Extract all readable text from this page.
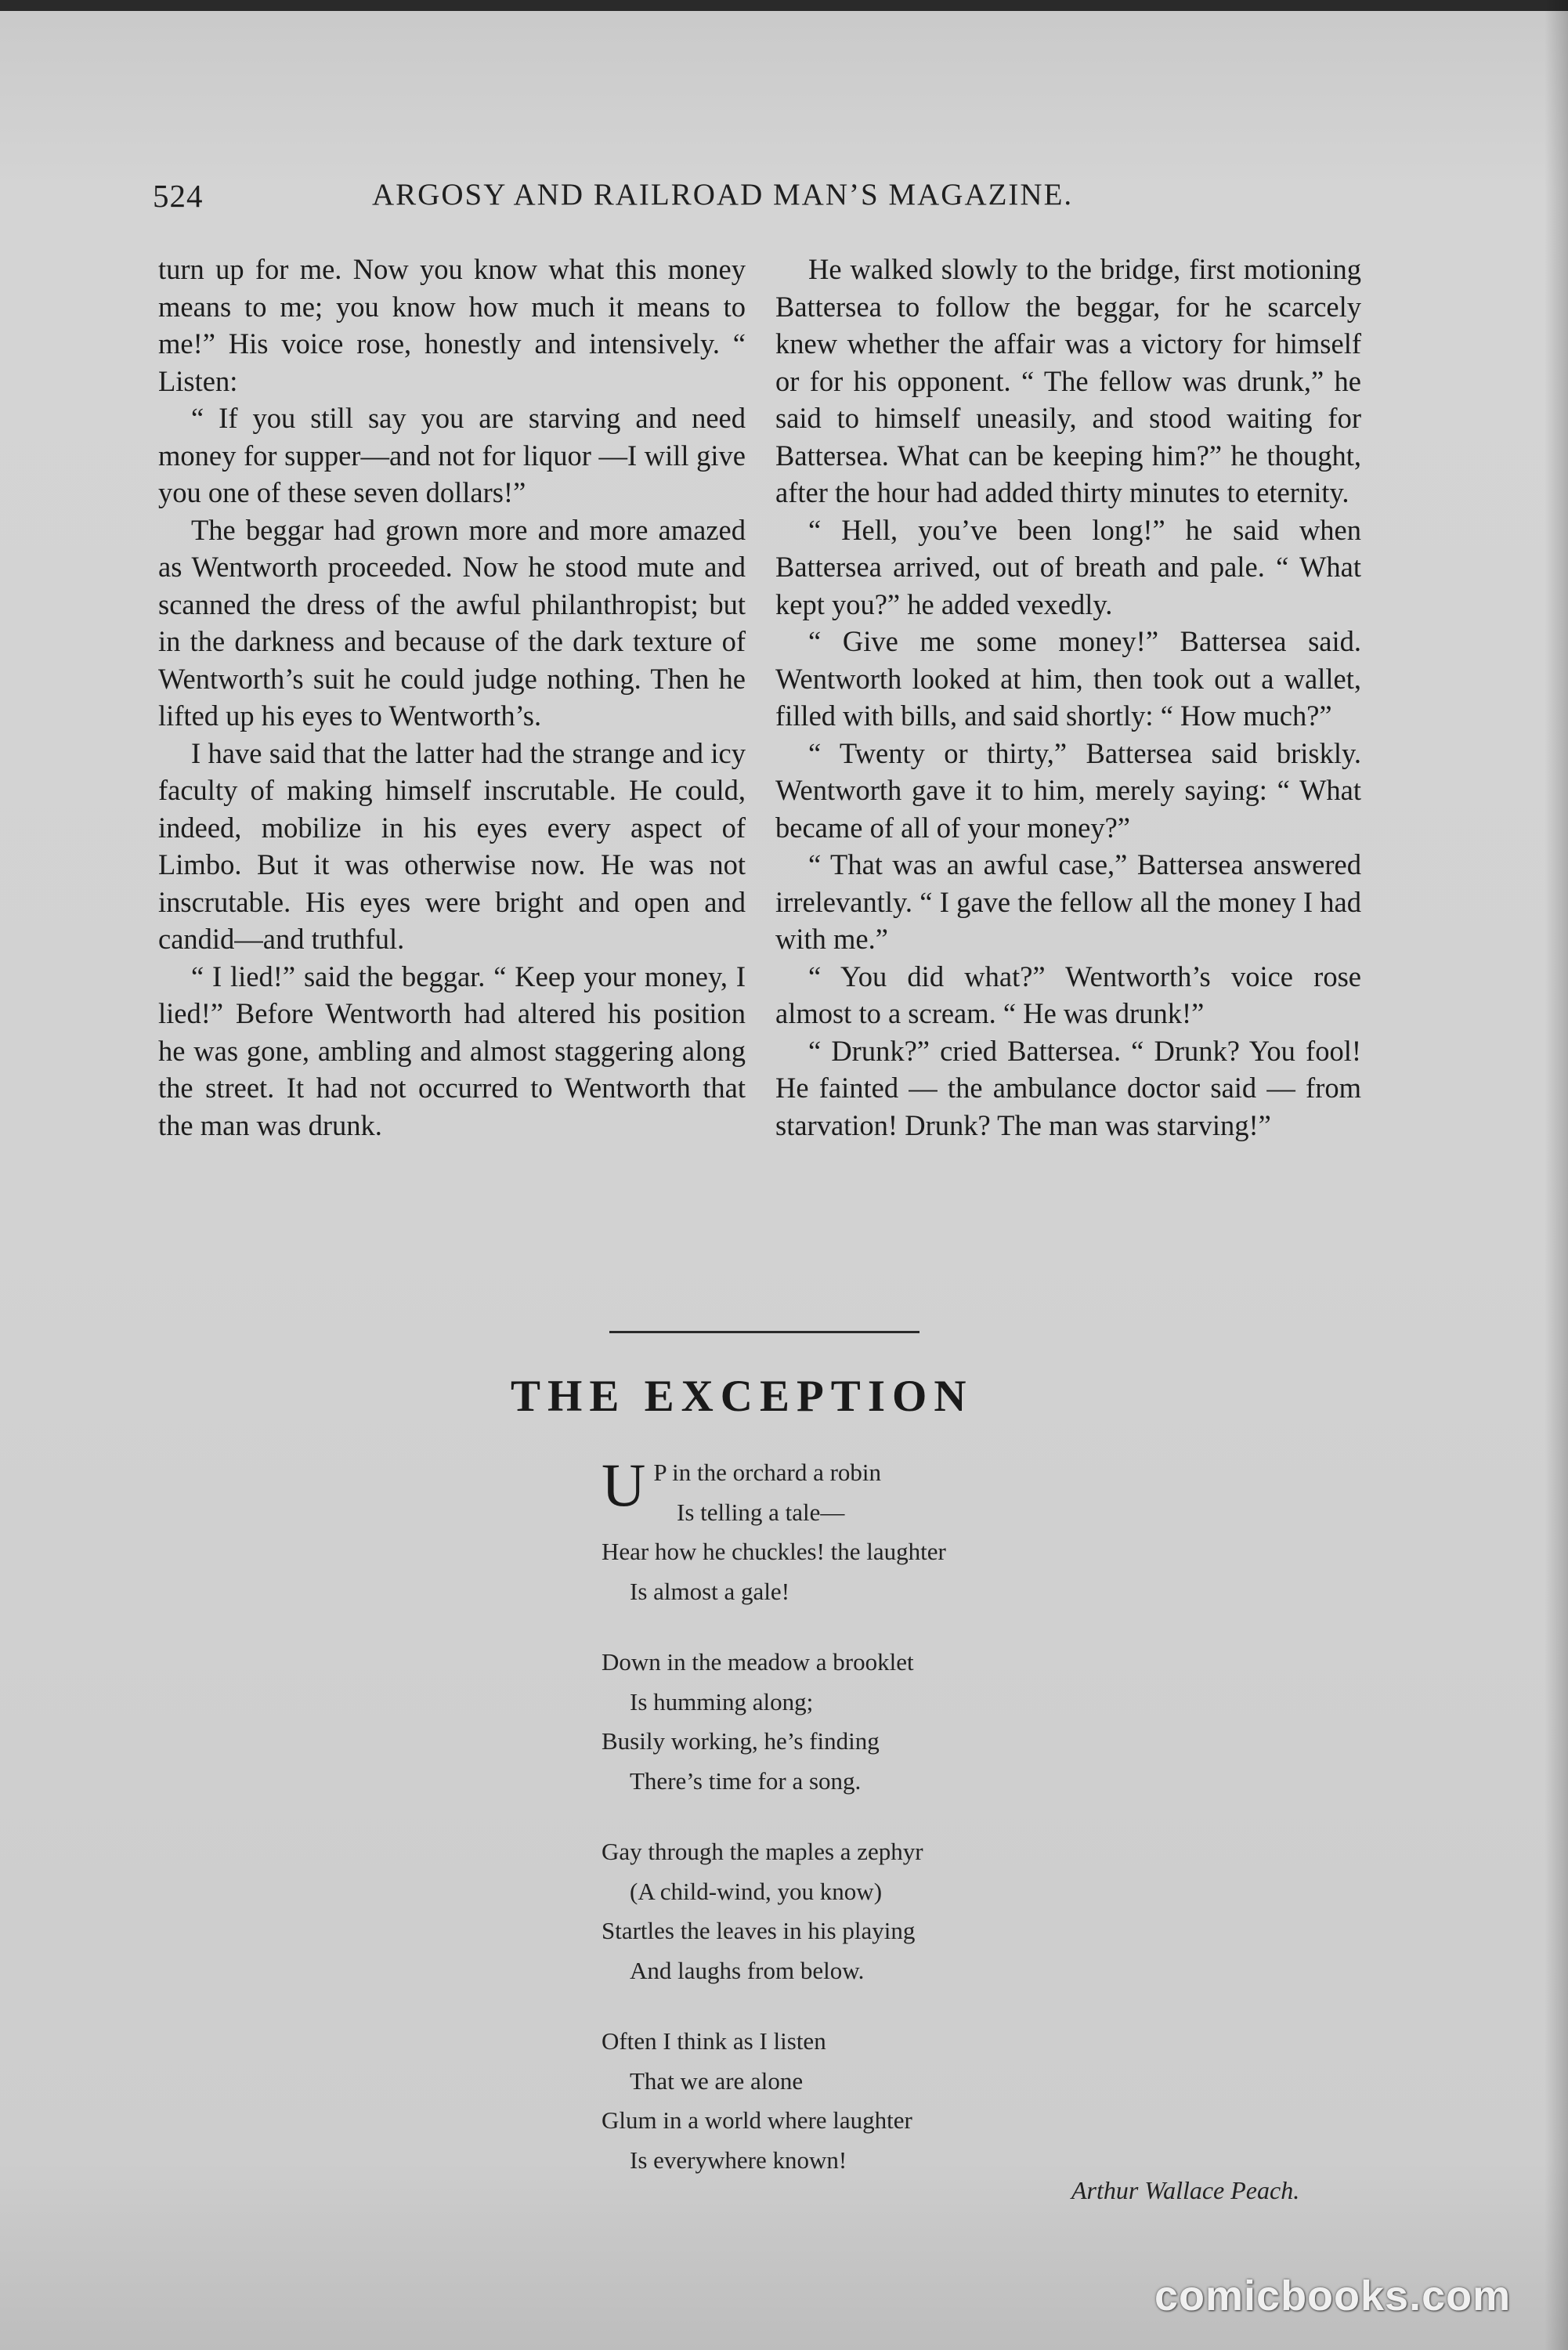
524	ARGOSY AND RAILROAD MAN’S MAGAZINE.

turn up for me. Now you know what this money means to me; you know how much it means to me!” His voice rose, honestly and intensively. “ Listen:

“ If you still say you are starving and need money for supper—and not for liquor —I will give you one of these seven dollars!”

The beggar had grown more and more amazed as Wentworth proceeded. Now he stood mute and scanned the dress of the awful philanthropist; but in the darkness and because of the dark texture of Wentworth’s suit he could judge nothing. Then he lifted up his eyes to Wentworth’s.

I have said that the latter had the strange and icy faculty of making himself inscrutable. He could, indeed, mobilize in his eyes every aspect of Limbo. But it was otherwise now. He was not inscrutable. His eyes were bright and open and candid—and truthful.

“ I lied!” said the beggar. “ Keep your money, I lied!” Before Wentworth had altered his position he was gone, ambling and almost staggering along the street. It had not occurred to Wentworth that the man was drunk.

He walked slowly to the bridge, first motioning Battersea to follow the beggar, for he scarcely knew whether the affair was a victory for himself or for his opponent. “ The fellow was drunk,” he said to himself uneasily, and stood waiting for Battersea. What can be keeping him?” he thought, after the hour had added thirty minutes to eternity.

“ Hell, you’ve been long!” he said when Battersea arrived, out of breath and pale. “ What kept you?” he added vexedly.

“ Give me some money!” Battersea said. Wentworth looked at him, then took out a wallet, filled with bills, and said shortly: “ How much?”

“ Twenty or thirty,” Battersea said briskly. Wentworth gave it to him, merely saying: “ What became of all of your money?”

“ That was an awful case,” Battersea answered irrelevantly. “ I gave the fellow all the money I had with me.”

“ You did what?” Wentworth’s voice rose almost to a scream. “ He was drunk!”

“ Drunk?” cried Battersea. “ Drunk? You fool! He fainted — the ambulance doctor said — from starvation! Drunk? The man was starving!”

THE EXCEPTION
U P in the orchard a robin
Is telling a tale—
Hear how he chuckles! the laughter
Is almost a gale!
Down in the meadow a brooklet
Is humming along;
Busily working, he’s finding
There’s time for a song.
Gay through the maples a zephyr
(A child-wind, you know)
Startles the leaves in his playing
And laughs from below.
Often I think as I listen
That we are alone
Glum in a world where laughter
Is everywhere known!
Arthur Wallace Peach.
comicbooks.com
